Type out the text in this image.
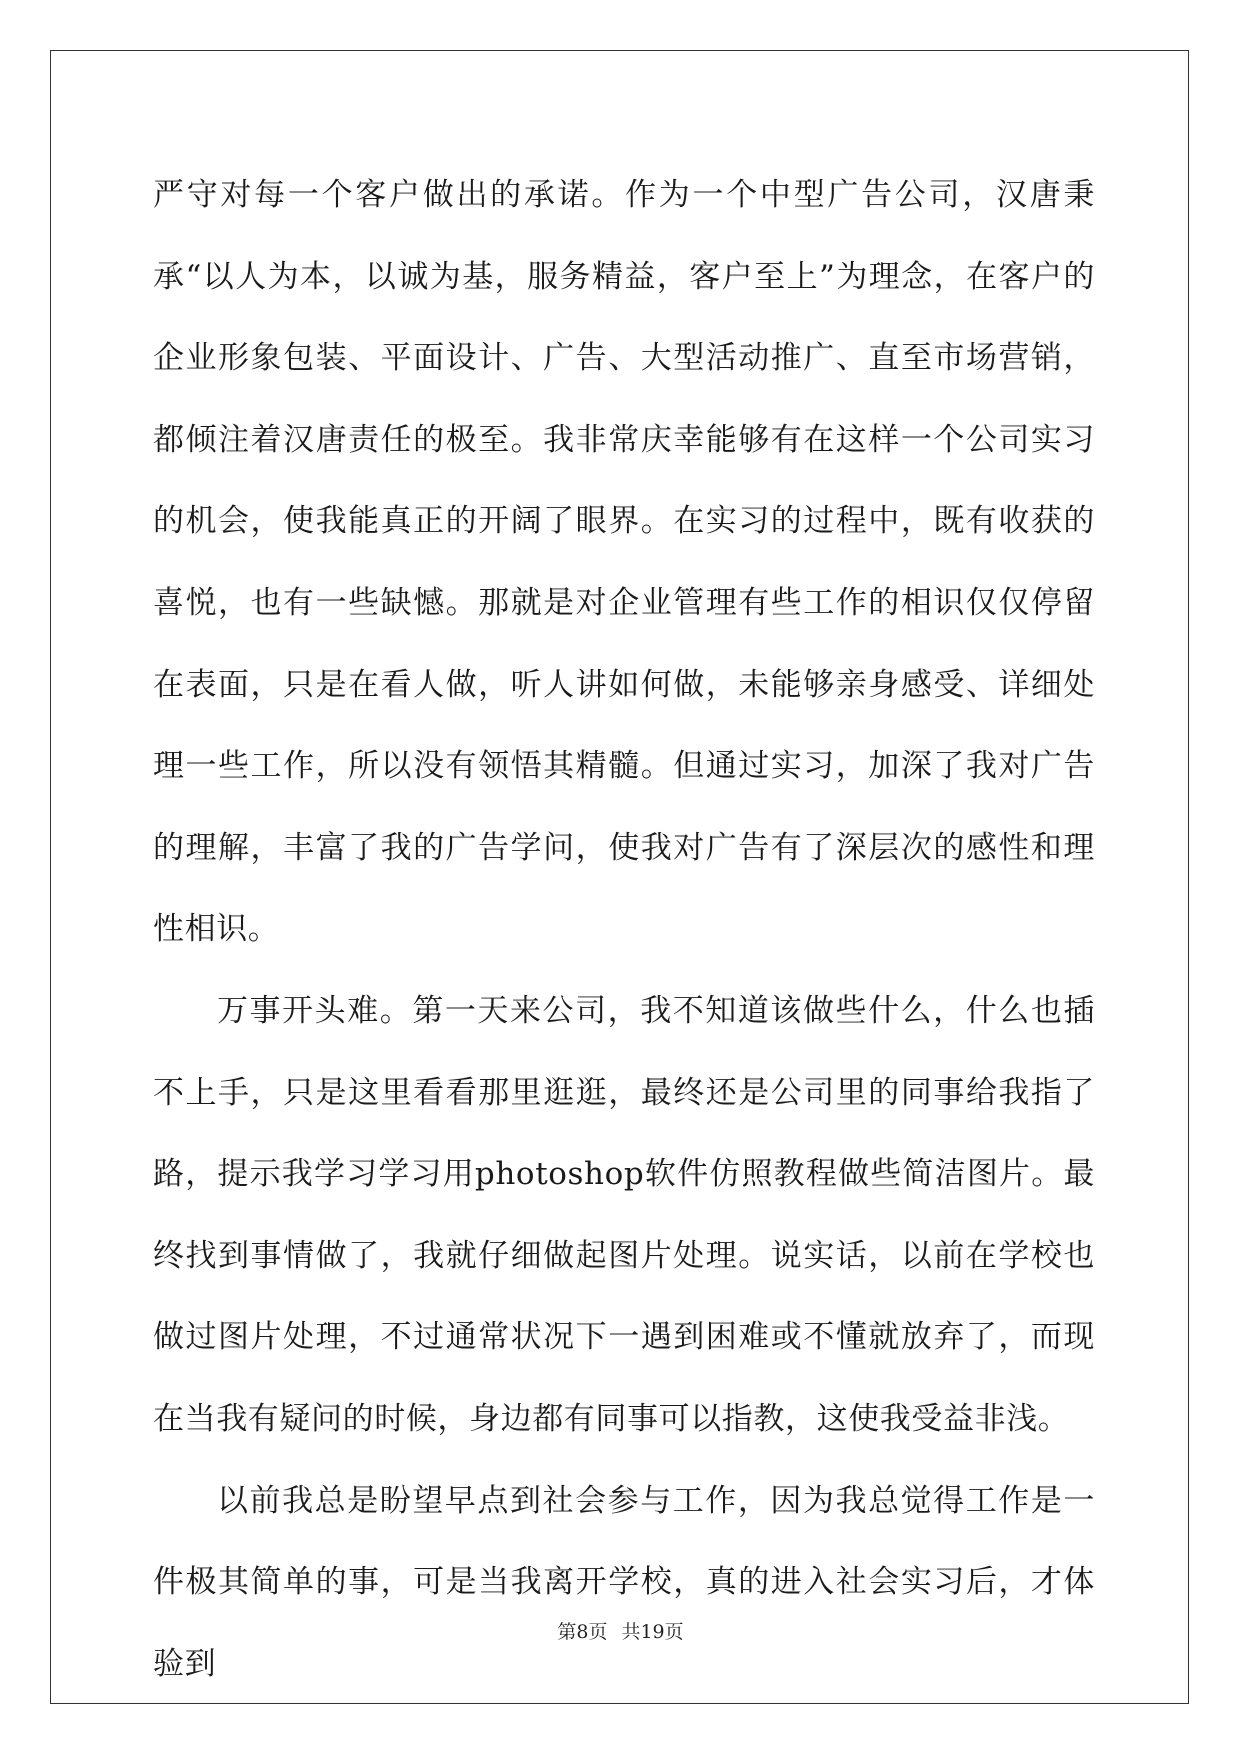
严守对每一个客户做出的承诺。作为一个中型广告公司，汉唐秉承“以人为本，以诚为基，服务精益，客户至上”为理念，在客户的企业形象包装、平面设计、广告、大型活动推广、直至市场营销，都倾注着汉唐责任的极至。我非常庆幸能够有在这样一个公司实习的机会，使我能真正的开阔了眼界。在实习的过程中，既有收获的喜悦，也有一些缺憾。那就是对企业管理有些工作的相识仅仅停留在表面，只是在看人做，听人讲如何做，未能够亲身感受、详细处理一些工作，所以没有领悟其精髓。但通过实习，加深了我对广告的理解，丰富了我的广告学问，使我对广告有了深层次的感性和理性相识。

万事开头难。第一天来公司，我不知道该做些什么，什么也插不上手，只是这里看看那里逛逛，最终还是公司里的同事给我指了路，提示我学习学习用photoshop软件仿照教程做些简洁图片。最终找到事情做了，我就仔细做起图片处理。说实话，以前在学校也做过图片处理，不过通常状况下一遇到困难或不懂就放弃了，而现在当我有疑问的时候，身边都有同事可以指教，这使我受益非浅。

以前我总是盼望早点到社会参与工作，因为我总觉得工作是一件极其简单的事，可是当我离开学校，真的进入社会实习后，才体验到

第8页 共19页
